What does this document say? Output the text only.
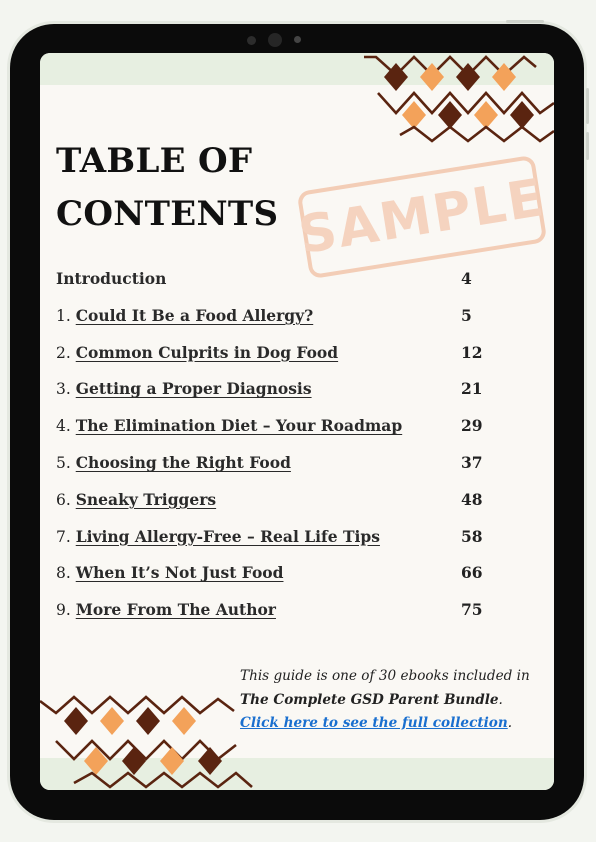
TABLE OF
CONTENTS SAMPLE
Introduction	4
1. Could It Be a Food Allergy?	5
2. Common Culprits in Dog Food	12
3. Getting a Proper Diagnosis	21
4. The Elimination Diet – Your Roadmap	29
5. Choosing the Right Food	37
6. Sneaky Triggers	48
7. Living Allergy-Free – Real Life Tips	58
8. When It’s Not Just Food	66
9. More From The Author	75
This guide is one of 30 ebooks included in The Complete GSD Parent Bundle.
Click here to see the full collection.
